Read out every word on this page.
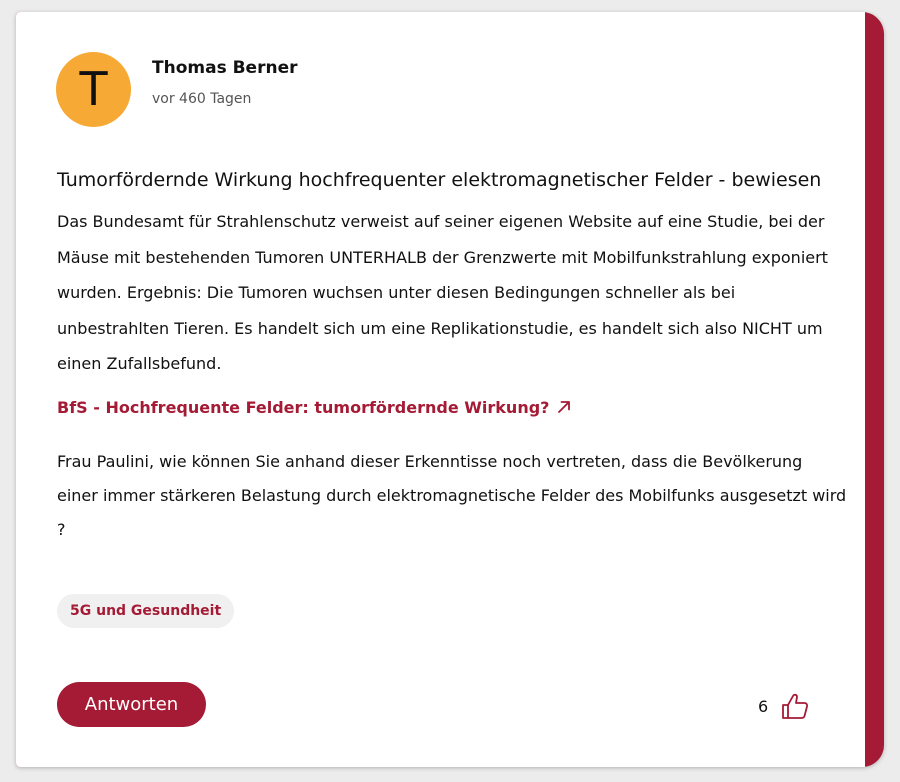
T	Thomas Berner
vor 460 Tagen
Tumorfördernde Wirkung hochfrequenter elektromagnetischer Felder - bewiesen

Das Bundesamt für Strahlenschutz verweist auf seiner eigenen Website auf eine Studie, bei der Mäuse mit bestehenden Tumoren UNTERHALB der Grenzwerte mit Mobilfunkstrahlung exponiert wurden. Ergebnis: Die Tumoren wuchsen unter diesen Bedingungen schneller als bei unbestrahlten Tieren. Es handelt sich um eine Replikationstudie, es handelt sich also NICHT um einen Zufallsbefund.

BfS - Hochfrequente Felder: tumorfördernde Wirkung?

Frau Paulini, wie können Sie anhand dieser Erkenntisse noch vertreten, dass die Bevölkerung einer immer stärkeren Belastung durch elektromagnetische Felder des Mobilfunks ausgesetzt wird ?

5G und Gesundheit
Antworten	6
